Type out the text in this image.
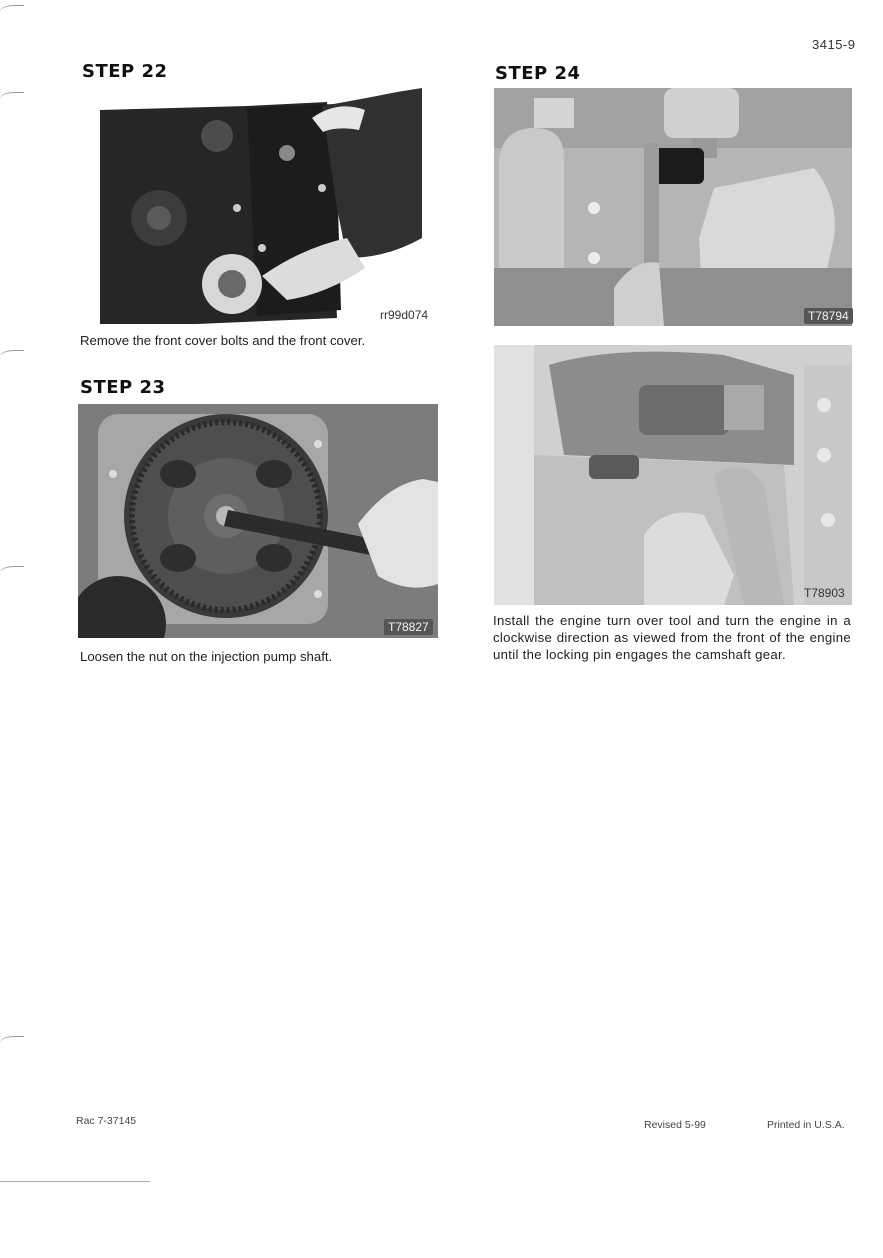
3415-9
STEP 22
rr99d074
Remove the front cover bolts and the front cover.
STEP 23
T78827
Loosen the nut on the injection pump shaft.
STEP 24
T78794
T78903
Install the engine turn over tool and turn the engine in a clockwise direction as viewed from the front of the engine until the locking pin engages the camshaft gear.
Rac 7-37145	Revised 5-99	Printed in U.S.A.
